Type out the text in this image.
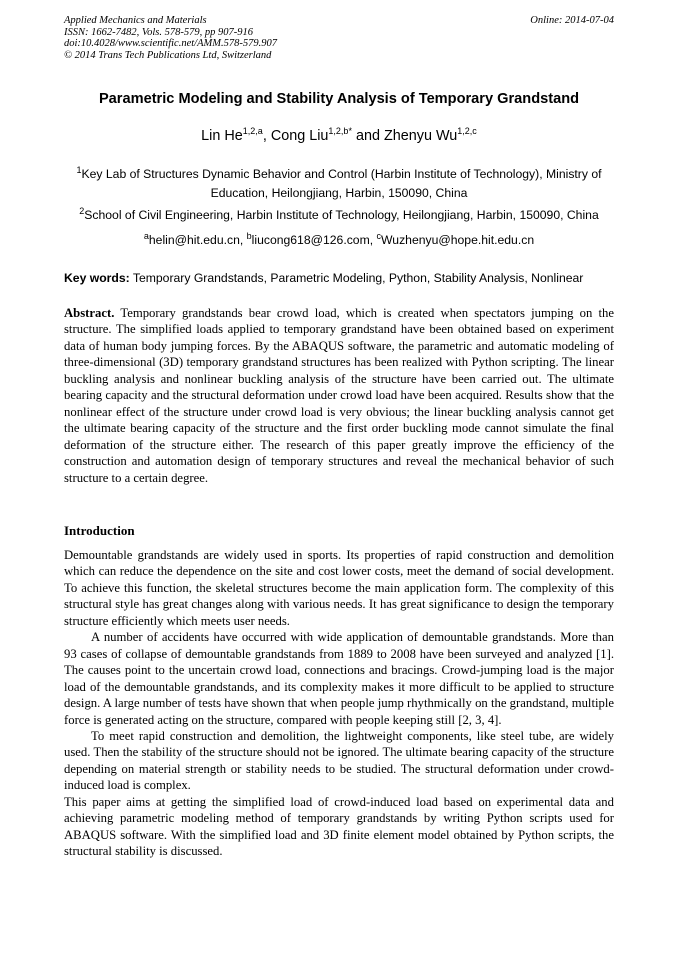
Applied Mechanics and Materials
ISSN: 1662-7482, Vols. 578-579, pp 907-916
doi:10.4028/www.scientific.net/AMM.578-579.907
© 2014 Trans Tech Publications Ltd, Switzerland
Online: 2014-07-04
Parametric Modeling and Stability Analysis of Temporary Grandstand
Lin He$^{1,2,a}$, Cong Liu$^{1,2,b*}$ and Zhenyu Wu$^{1,2,c}$
$^1$Key Lab of Structures Dynamic Behavior and Control (Harbin Institute of Technology), Ministry of Education, Heilongjiang, Harbin, 150090, China
$^2$School of Civil Engineering, Harbin Institute of Technology, Heilongjiang, Harbin, 150090, China
$^a$helin@hit.edu.cn, $^b$liucong618@126.com, $^c$Wuzhenyu@hope.hit.edu.cn
Key words: Temporary Grandstands, Parametric Modeling, Python, Stability Analysis, Nonlinear
Abstract. Temporary grandstands bear crowd load, which is created when spectators jumping on the structure. The simplified loads applied to temporary grandstand have been obtained based on experiment data of human body jumping forces. By the ABAQUS software, the parametric and automatic modeling of three-dimensional (3D) temporary grandstand structures has been realized with Python scripting. The linear buckling analysis and nonlinear buckling analysis of the structure have been carried out. The ultimate bearing capacity and the structural deformation under crowd load have been acquired. Results show that the nonlinear effect of the structure under crowd load is very obvious; the linear buckling analysis cannot get the ultimate bearing capacity of the structure and the first order buckling mode cannot simulate the final deformation of the structure either. The research of this paper greatly improve the efficiency of the construction and automation design of temporary structures and reveal the mechanical behavior of such structure to a certain degree.
Introduction

Demountable grandstands are widely used in sports. Its properties of rapid construction and demolition which can reduce the dependence on the site and cost lower costs, meet the demand of social development. To achieve this function, the skeletal structures become the main application form. The complexity of this structural style has great changes along with various needs. It has great significance to design the temporary structure efficiently which meets user needs.

A number of accidents have occurred with wide application of demountable grandstands. More than 93 cases of collapse of demountable grandstands from 1889 to 2008 have been surveyed and analyzed [1]. The causes point to the uncertain crowd load, connections and bracings. Crowd-jumping load is the major load of the demountable grandstands, and its complexity makes it more difficult to be applied to structure design. A large number of tests have shown that when people jump rhythmically on the grandstand, multiple force is generated acting on the structure, compared with people keeping still [2, 3, 4].

To meet rapid construction and demolition, the lightweight components, like steel tube, are widely used. Then the stability of the structure should not be ignored. The ultimate bearing capacity of the structure depending on material strength or stability needs to be studied. The structural deformation under crowd-induced load is complex.

This paper aims at getting the simplified load of crowd-induced load based on experimental data and achieving parametric modeling method of temporary grandstands by writing Python scripts used for ABAQUS software. With the simplified load and 3D finite element model obtained by Python scripts, the structural stability is discussed.
